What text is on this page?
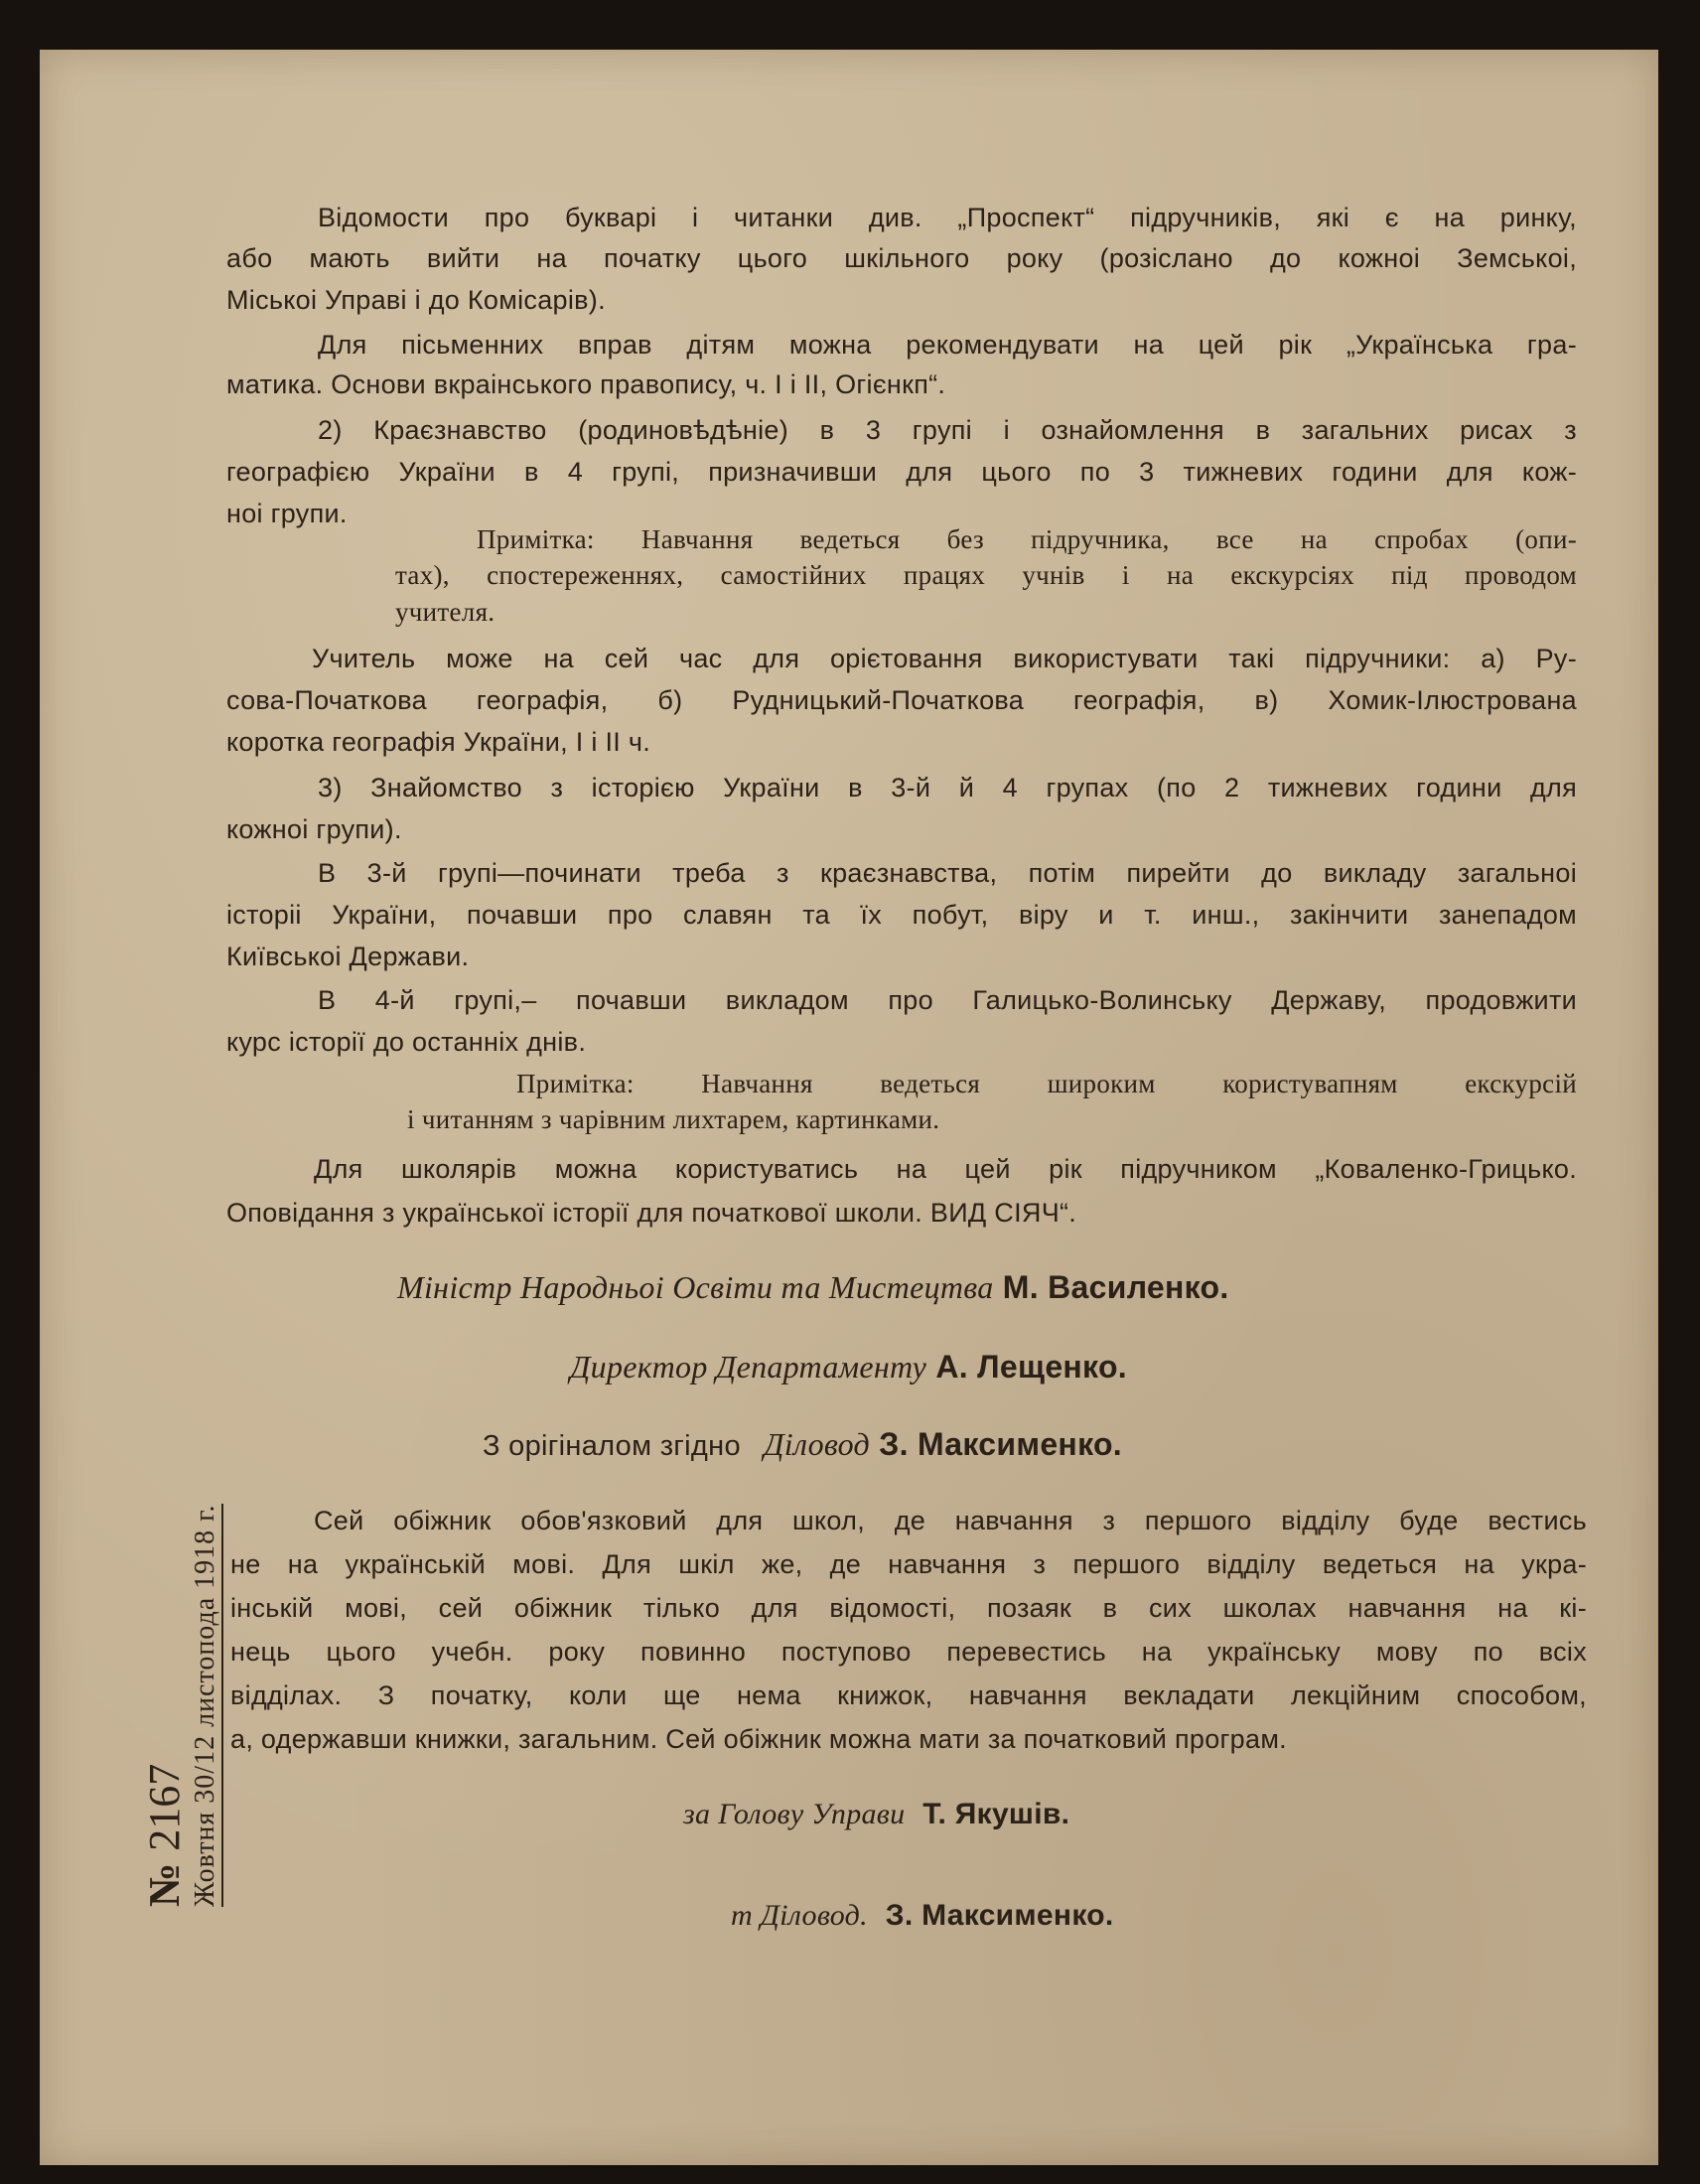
Відомости про букварі і читанки див. „Проспект“ підручників, які є на ринку,

або мають вийти на початку цього шкільного року (розіслано до кожноі Земськоі,

Міськоі Управі і до Комісарів).

Для пісьменних вправ дітям можна рекомендувати на цей рік „Українська гра-

матика. Основи вкраінського правопису, ч. I і II, Огієнкп“.

2) Краєзнавство (родиновѣдѣніе) в 3 групі і ознайомлення в загальних рисах з

географією України в 4 групі, призначивши для цього по 3 тижневих години для кож-

ноі групи.

Примітка: Навчання ведеться без підручника, все на спробах (опи-

тах), спостереженнях, самостійних працях учнів і на екскурсіях під проводом

учителя.

Учитель може на сей час для орієтовання використувати такі підручники: а) Ру-

сова-Початкова географія, б) Рудницький-Початкова географія, в) Хомик-Ілюстрована

коротка географія України, I і II ч.

3) Знайомство з історією України в 3-й й 4 групах (по 2 тижневих години для

кожноі групи).

В 3-й групі—починати треба з краєзнавства, потім пирейти до викладу загальноі

історіі України, почавши про славян та їх побут, віру и т. инш., закінчити занепадом

Київськоі Держави.

В 4-й групі,– почавши викладом про Галицько-Волинську Державу, продовжити

курс історії до останніх днів.

Примітка: Навчання ведеться широким користувапням екскурсій

і читанням з чарівним лихтарем, картинками.

Для школярів можна користуватись на цей рік підручником „Коваленко-Грицько.

Оповідання з української історії для початкової школи. ВИД СІЯЧ“.

Міністр Народньоі Освіти та Мистецтва М. Василенко.

Директор Департаменту А. Лещенко.

З орігіналом згідно Діловод З. Максименко.

Сей обіжник обов'язковий для школ, де навчання з першого відділу буде вестись

не на українській мові. Для шкіл же, де навчання з першого відділу ведеться на укра-

інській мові, сей обіжник тілько для відомості, позаяк в сих школах навчання на кі-

нець цього учебн. року повинно поступово перевестись на українську мову по всіх

відділах. З початку, коли ще нема книжок, навчання векладати лекційним способом,

а, одержавши книжки, загальним. Сей обіжник можна мати за початковий програм.

за Голову Управи Т. Якушів.

т Діловод. З. Максименко.

№2167 Жовтня 30/12 листопода 1918 г.
